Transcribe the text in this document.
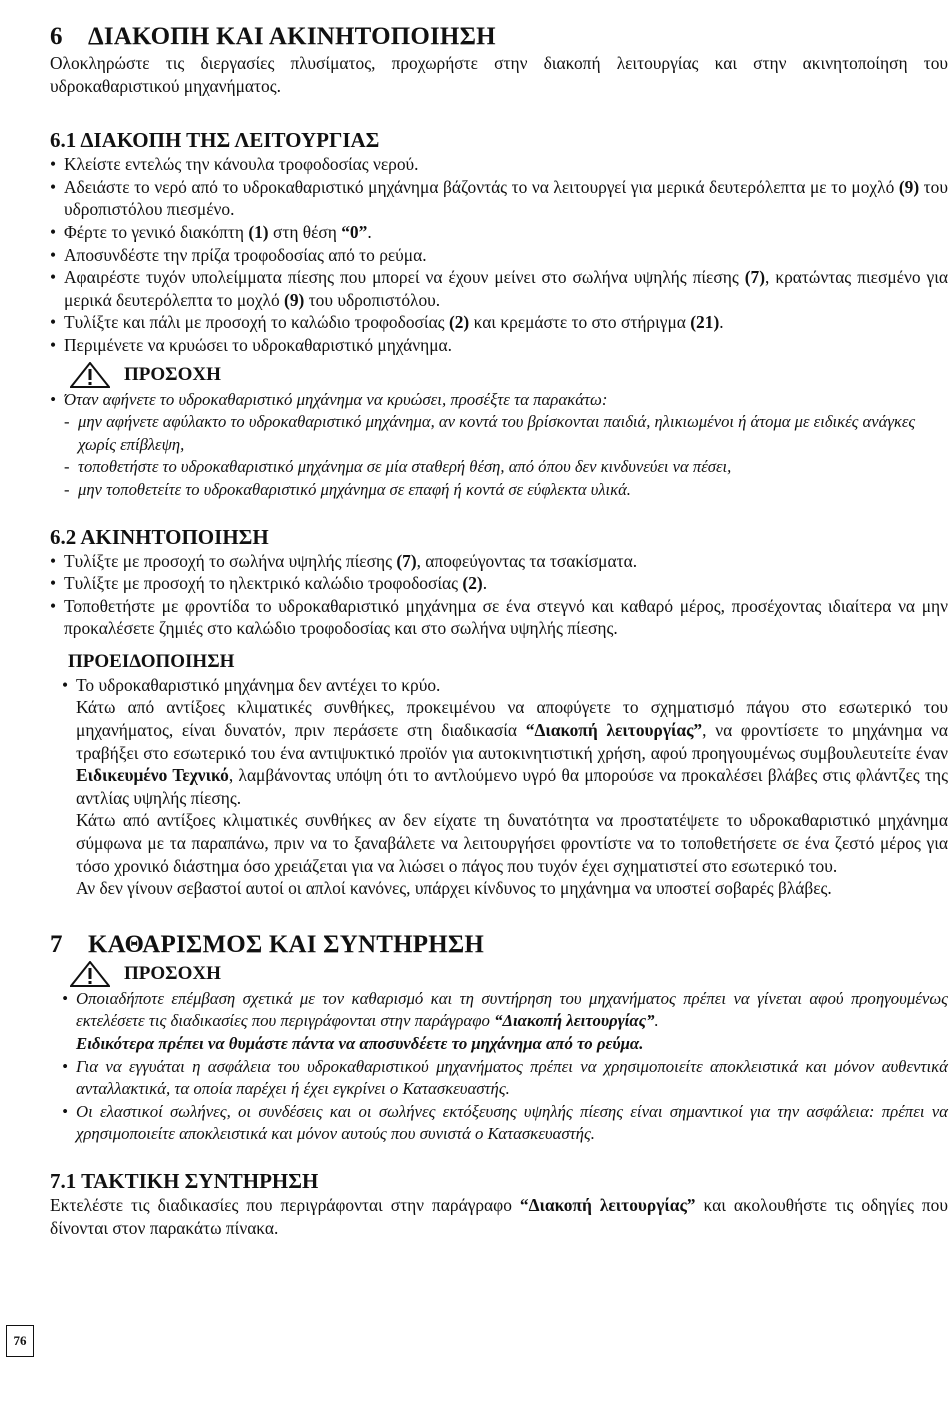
6 ΔΙΑΚΟΠΗ ΚΑΙ ΑΚΙΝΗΤΟΠΟΙΗΣΗ

Ολοκληρώστε τις διεργασίες πλυσίματος, προχωρήστε στην διακοπή λειτουργίας και στην ακινητοποίηση του υδροκαθαριστικού μηχανήματος.

6.1 ΔΙΑΚΟΠΗ ΤΗΣ ΛΕΙΤΟΥΡΓΙΑΣ
• Κλείστε εντελώς την κάνουλα τροφοδοσίας νερού.
• Αδειάστε το νερό από το υδροκαθαριστικό μηχάνημα βάζοντάς το να λειτουργεί για μερικά δευτερόλεπτα με το μοχλό (9) του υδροπιστόλου πιεσμένο.
• Φέρτε το γενικό διακόπτη (1) στη θέση “0”.
• Αποσυνδέστε την πρίζα τροφοδοσίας από το ρεύμα.
• Αφαιρέστε τυχόν υπολείμματα πίεσης που μπορεί να έχουν μείνει στο σωλήνα υψηλής πίεσης (7), κρατώντας πιεσμένο για μερικά δευτερόλεπτα το μοχλό (9) του υδροπιστόλου.
• Τυλίξτε και πάλι με προσοχή το καλώδιο τροφοδοσίας (2) και κρεμάστε το στο στήριγμα (21).
• Περιμένετε να κρυώσει το υδροκαθαριστικό μηχάνημα.
ΠΡΟΣΟΧΗ
• Όταν αφήνετε το υδροκαθαριστικό μηχάνημα να κρυώσει, προσέξτε τα παρακάτω:
- μην αφήνετε αφύλακτο το υδροκαθαριστικό μηχάνημα, αν κοντά του βρίσκονται παιδιά, ηλικιωμένοι ή άτομα με ειδικές ανάγκες χωρίς επίβλεψη,
- τοποθετήστε το υδροκαθαριστικό μηχάνημα σε μία σταθερή θέση, από όπου δεν κινδυνεύει να πέσει,
- μην τοποθετείτε το υδροκαθαριστικό μηχάνημα σε επαφή ή κοντά σε εύφλεκτα υλικά.
6.2 ΑΚΙΝΗΤΟΠΟΙΗΣΗ
• Τυλίξτε με προσοχή το σωλήνα υψηλής πίεσης (7), αποφεύγοντας τα τσακίσματα.
• Τυλίξτε με προσοχή το ηλεκτρικό καλώδιο τροφοδοσίας (2).
• Τοποθετήστε με φροντίδα το υδροκαθαριστικό μηχάνημα σε ένα στεγνό και καθαρό μέρος, προσέχοντας ιδιαίτερα να μην προκαλέσετε ζημιές στο καλώδιο τροφοδοσίας και στο σωλήνα υψηλής πίεσης.
ΠΡΟΕΙΔΟΠΟΙΗΣΗ
• Το υδροκαθαριστικό μηχάνημα δεν αντέχει το κρύο.
Κάτω από αντίξοες κλιματικές συνθήκες, προκειμένου να αποφύγετε το σχηματισμό πάγου στο εσωτερικό του μηχανήματος, είναι δυνατόν, πριν περάσετε στη διαδικασία “Διακοπή λειτουργίας”, να φροντίσετε το μηχάνημα να τραβήξει στο εσωτερικό του ένα αντιψυκτικό προϊόν για αυτοκινητιστική χρήση, αφού προηγουμένως συμβουλευτείτε έναν Ειδικευμένο Τεχνικό, λαμβάνοντας υπόψη ότι το αντλούμενο υγρό θα μπορούσε να προκαλέσει βλάβες στις φλάντζες της αντλίας υψηλής πίεσης.
Κάτω από αντίξοες κλιματικές συνθήκες αν δεν είχατε τη δυνατότητα να προστατέψετε το υδροκαθαριστικό μηχάνημα σύμφωνα με τα παραπάνω, πριν να το ξαναβάλετε να λειτουργήσει φροντίστε να το τοποθετήσετε σε ένα ζεστό μέρος για τόσο χρονικό διάστημα όσο χρειάζεται για να λιώσει ο πάγος που τυχόν έχει σχηματιστεί στο εσωτερικό του.
Αν δεν γίνουν σεβαστοί αυτοί οι απλοί κανόνες, υπάρχει κίνδυνος το μηχάνημα να υποστεί σοβαρές βλάβες.
7 ΚΑΘΑΡΙΣΜΟΣ ΚΑΙ ΣΥΝΤΗΡΗΣΗ
ΠΡΟΣΟΧΗ
• Οποιαδήποτε επέμβαση σχετικά με τον καθαρισμό και τη συντήρηση του μηχανήματος πρέπει να γίνεται αφού προηγουμένως εκτελέσετε τις διαδικασίες που περιγράφονται στην παράγραφο “Διακοπή λειτουργίας”.
Ειδικότερα πρέπει να θυμάστε πάντα να αποσυνδέετε το μηχάνημα από το ρεύμα.
• Για να εγγυάται η ασφάλεια του υδροκαθαριστικού μηχανήματος πρέπει να χρησιμοποιείτε αποκλειστικά και μόνον αυθεντικά ανταλλακτικά, τα οποία παρέχει ή έχει εγκρίνει ο Κατασκευαστής.
• Οι ελαστικοί σωλήνες, οι συνδέσεις και οι σωλήνες εκτόξευσης υψηλής πίεσης είναι σημαντικοί για την ασφάλεια: πρέπει να χρησιμοποιείτε αποκλειστικά και μόνον αυτούς που συνιστά ο Κατασκευαστής.
7.1 ΤΑΚΤΙΚΗ ΣΥΝΤΗΡΗΣΗ

Εκτελέστε τις διαδικασίες που περιγράφονται στην παράγραφο “Διακοπή λειτουργίας” και ακολουθήστε τις οδηγίες που δίνονται στον παρακάτω πίνακα.

76
